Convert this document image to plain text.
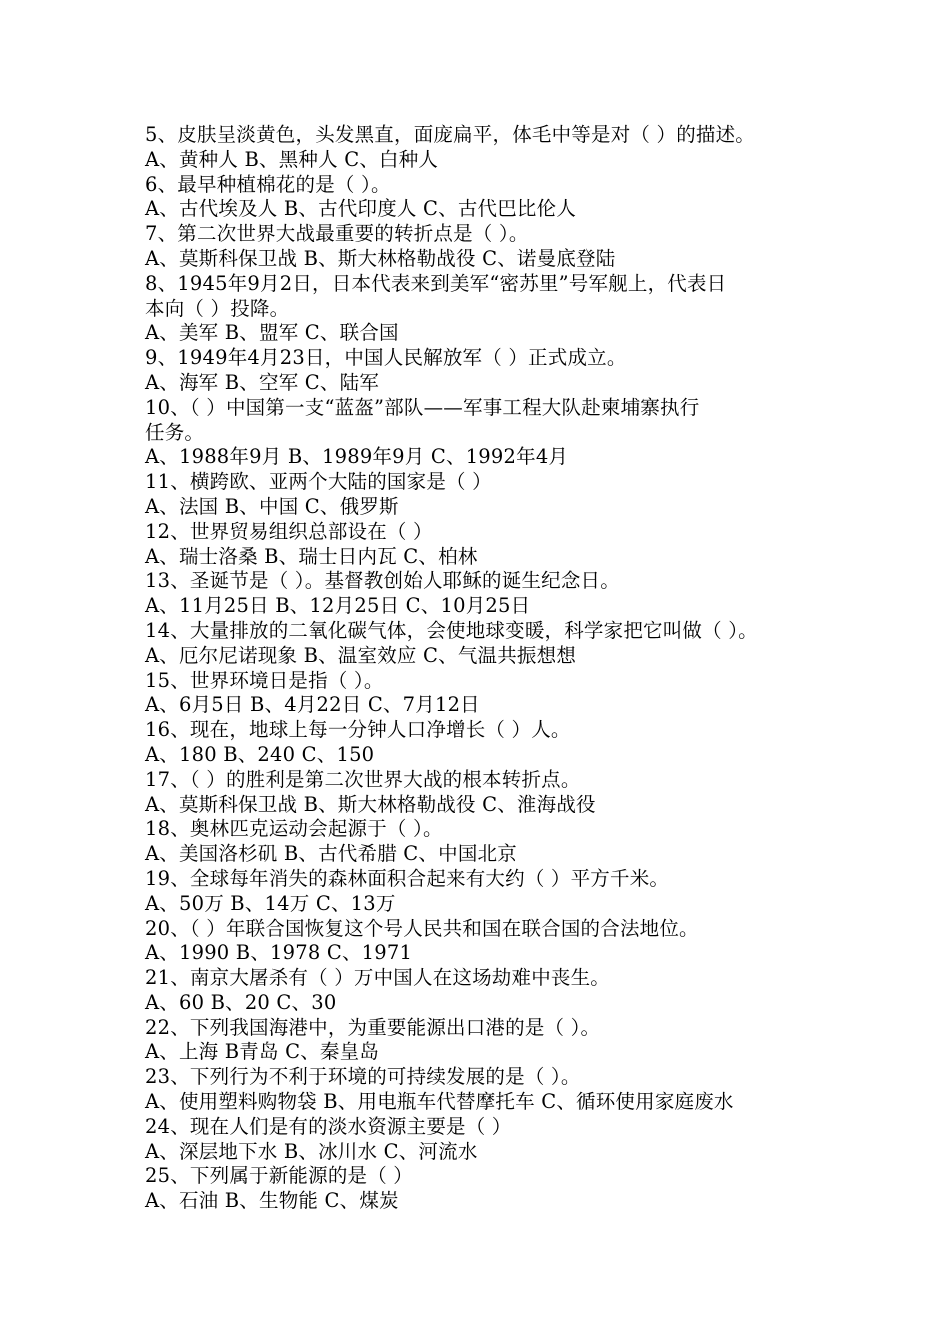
5、皮肤呈淡黄色，头发黑直，面庞扁平，体毛中等是对（ ）的描述。
A、黄种人 B、黑种人 C、白种人
6、最早种植棉花的是（ ）。
A、古代埃及人 B、古代印度人 C、古代巴比伦人
7、第二次世界大战最重要的转折点是（ ）。
A、莫斯科保卫战 B、斯大林格勒战役 C、诺曼底登陆
8、1945年9月2日，日本代表来到美军“密苏里”号军舰上，代表日
本向（ ）投降。
A、美军 B、盟军 C、联合国
9、1949年4月23日，中国人民解放军（ ）正式成立。
A、海军 B、空军 C、陆军
10、（ ）中国第一支“蓝盔”部队——军事工程大队赴柬埔寨执行
任务。
A、1988年9月 B、1989年9月 C、1992年4月
11、横跨欧、亚两个大陆的国家是（ ）
A、法国 B、中国 C、俄罗斯
12、世界贸易组织总部设在（ ）
A、瑞士洛桑 B、瑞士日内瓦 C、柏林
13、圣诞节是（ ）。基督教创始人耶稣的诞生纪念日。
A、11月25日 B、12月25日 C、10月25日
14、大量排放的二氧化碳气体，会使地球变暖，科学家把它叫做（ ）。
A、厄尔尼诺现象 B、温室效应 C、气温共振想想
15、世界环境日是指（ ）。
A、6月5日 B、4月22日 C、7月12日
16、现在，地球上每一分钟人口净增长（ ）人。
A、180 B、240 C、150
17、（ ）的胜利是第二次世界大战的根本转折点。
A、莫斯科保卫战 B、斯大林格勒战役 C、淮海战役
18、奥林匹克运动会起源于（ ）。
A、美国洛杉矶 B、古代希腊 C、中国北京
19、全球每年消失的森林面积合起来有大约（ ）平方千米。
A、50万 B、14万 C、13万
20、（ ）年联合国恢复这个号人民共和国在联合国的合法地位。
A、1990 B、1978 C、1971
21、南京大屠杀有（ ）万中国人在这场劫难中丧生。
A、60 B、20 C、30
22、下列我国海港中，为重要能源出口港的是（ ）。
A、上海 B青岛 C、秦皇岛
23、下列行为不利于环境的可持续发展的是（ ）。
A、使用塑料购物袋 B、用电瓶车代替摩托车 C、循环使用家庭废水
24、现在人们是有的淡水资源主要是（ ）
A、深层地下水 B、冰川水 C、河流水
25、下列属于新能源的是（ ）
A、石油 B、生物能 C、煤炭
